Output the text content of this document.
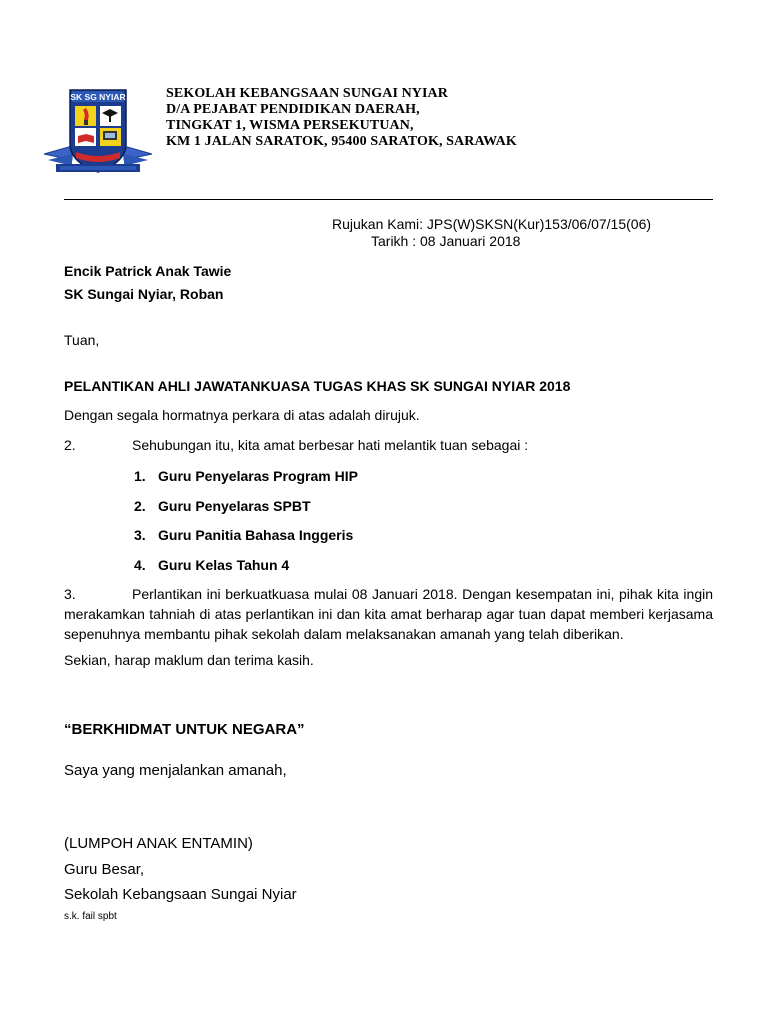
SK SG NYIAR	SEKOLAH KEBANGSAAN SUNGAI NYIAR
D/A PEJABAT PENDIDIKAN DAERAH,
TINGKAT 1, WISMA PERSEKUTUAN,
KM 1 JALAN SARATOK, 95400 SARATOK, SARAWAK
Rujukan Kami: JPS(W)SKSN(Kur)153/06/07/15(06)
Tarikh : 08 Januari 2018
Encik Patrick Anak Tawie
SK Sungai Nyiar, Roban
Tuan,
PELANTIKAN AHLI JAWATANKUASA TUGAS KHAS SK SUNGAI NYIAR 2018
Dengan segala hormatnya perkara di atas adalah dirujuk.
2.	Sehubungan itu, kita amat berbesar hati melantik tuan sebagai :
1. Guru Penyelaras Program HIP
2. Guru Penyelaras SPBT
3. Guru Panitia Bahasa Inggeris
4. Guru Kelas Tahun 4
3.	Perlantikan ini berkuatkuasa mulai 08 Januari 2018. Dengan kesempatan ini, pihak kita ingin merakamkan tahniah di atas perlantikan ini dan kita amat berharap agar tuan dapat memberi kerjasama sepenuhnya membantu pihak sekolah dalam melaksanakan amanah yang telah diberikan.
Sekian, harap maklum dan terima kasih.
“BERKHIDMAT UNTUK NEGARA”
Saya yang menjalankan amanah,
(LUMPOH ANAK ENTAMIN)
Guru Besar,
Sekolah Kebangsaan Sungai Nyiar
s.k. fail spbt
